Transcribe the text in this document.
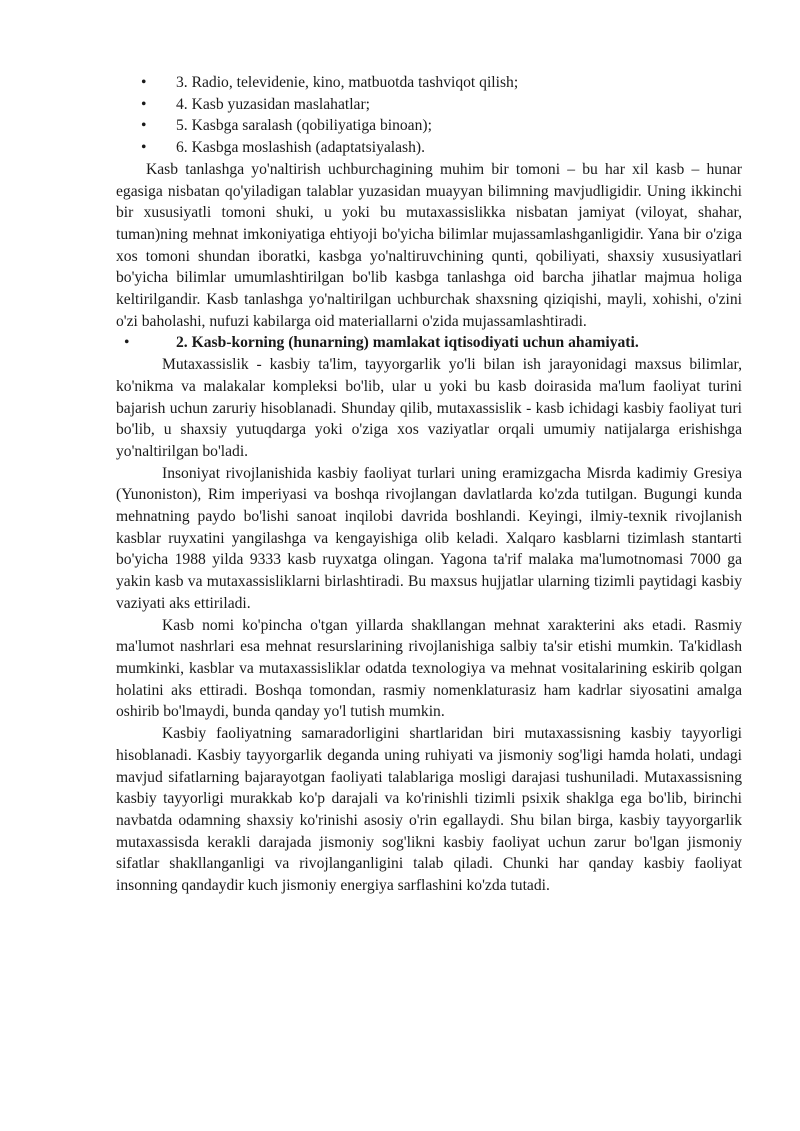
• 3. Radio, televidenie, kino, matbuotda tashviqot qilish;
• 4. Kasb yuzasidan maslahatlar;
• 5. Kasbga saralash (qobiliyatiga binoan);
• 6. Kasbga moslashish (adaptatsiyalash).

Kasb tanlashga yo'naltirish uchburchagining muhim bir tomoni – bu har xil kasb – hunar egasiga nisbatan qo'yiladigan talablar yuzasidan muayyan bilimning mavjudligidir. Uning ikkinchi bir xususiyatli tomoni shuki, u yoki bu mutaxassislikka nisbatan jamiyat (viloyat, shahar, tuman)ning mehnat imkoniyatiga ehtiyoji bo'yicha bilimlar mujassamlashganligidir. Yana bir o'ziga xos tomoni shundan iboratki, kasbga yo'naltiruvchining qunti, qobiliyati, shaxsiy xususiyatlari bo'yicha bilimlar umumlashtirilgan bo'lib kasbga tanlashga oid barcha jihatlar majmua holiga keltirilgandir. Kasb tanlashga yo'naltirilgan uchburchak shaxsning qiziqishi, mayli, xohishi, o'zini o'zi baholashi, nufuzi kabilarga oid materiallarni o'zida mujassamlashtiradi.

•	2. Kasb-korning (hunarning) mamlakat iqtisodiyati uchun ahamiyati.

Mutaxassislik - kasbiy ta'lim, tayyorgarlik yo'li bilan ish jarayonidagi maxsus bilimlar, ko'nikma va malakalar kompleksi bo'lib, ular u yoki bu kasb doirasida ma'lum faoliyat turini bajarish uchun zaruriy hisoblanadi. Shunday qilib, mutaxassislik - kasb ichidagi kasbiy faoliyat turi bo'lib, u shaxsiy yutuqdarga yoki o'ziga xos vaziyatlar orqali umumiy natijalarga erishishga yo'naltirilgan bo'ladi.

Insoniyat rivojlanishida kasbiy faoliyat turlari uning eramizgacha Misrda kadimiy Gresiya (Yunoniston), Rim imperiyasi va boshqa rivojlangan davlatlarda ko'zda tutilgan. Bugungi kunda mehnatning paydo bo'lishi sanoat inqilobi davrida boshlandi. Keyingi, ilmiy-texnik rivojlanish kasblar ruyxatini yangilashga va kengayishiga olib keladi. Xalqaro kasblarni tizimlash stantarti bo'yicha 1988 yilda 9333 kasb ruyxatga olingan. Yagona ta'rif malaka ma'lumotnomasi 7000 ga yakin kasb va mutaxassisliklarni birlashtiradi. Bu maxsus hujjatlar ularning tizimli paytidagi kasbiy vaziyati aks ettiriladi.

Kasb nomi ko'pincha o'tgan yillarda shakllangan mehnat xarakterini aks etadi. Rasmiy ma'lumot nashrlari esa mehnat resurslarining rivojlanishiga salbiy ta'sir etishi mumkin. Ta'kidlash mumkinki, kasblar va mutaxassisliklar odatda texnologiya va mehnat vositalarining eskirib qolgan holatini aks ettiradi. Boshqa tomondan, rasmiy nomenklaturasiz ham kadrlar siyosatini amalga oshirib bo'lmaydi, bunda qanday yo'l tutish mumkin.

Kasbiy faoliyatning samaradorligini shartlaridan biri mutaxassisning kasbiy tayyorligi hisoblanadi. Kasbiy tayyorgarlik deganda uning ruhiyati va jismoniy sog'ligi hamda holati, undagi mavjud sifatlarning bajarayotgan faoliyati talablariga mosligi darajasi tushuniladi. Mutaxassisning kasbiy tayyorligi murakkab ko'p darajali va ko'rinishli tizimli psixik shaklga ega bo'lib, birinchi navbatda odamning shaxsiy ko'rinishi asosiy o'rin egallaydi. Shu bilan birga, kasbiy tayyorgarlik mutaxassisda kerakli darajada jismoniy sog'likni kasbiy faoliyat uchun zarur bo'lgan jismoniy sifatlar shakllanganligi va rivojlanganligini talab qiladi. Chunki har qanday kasbiy faoliyat insonning qandaydir kuch jismoniy energiya sarflashini ko'zda tutadi.
